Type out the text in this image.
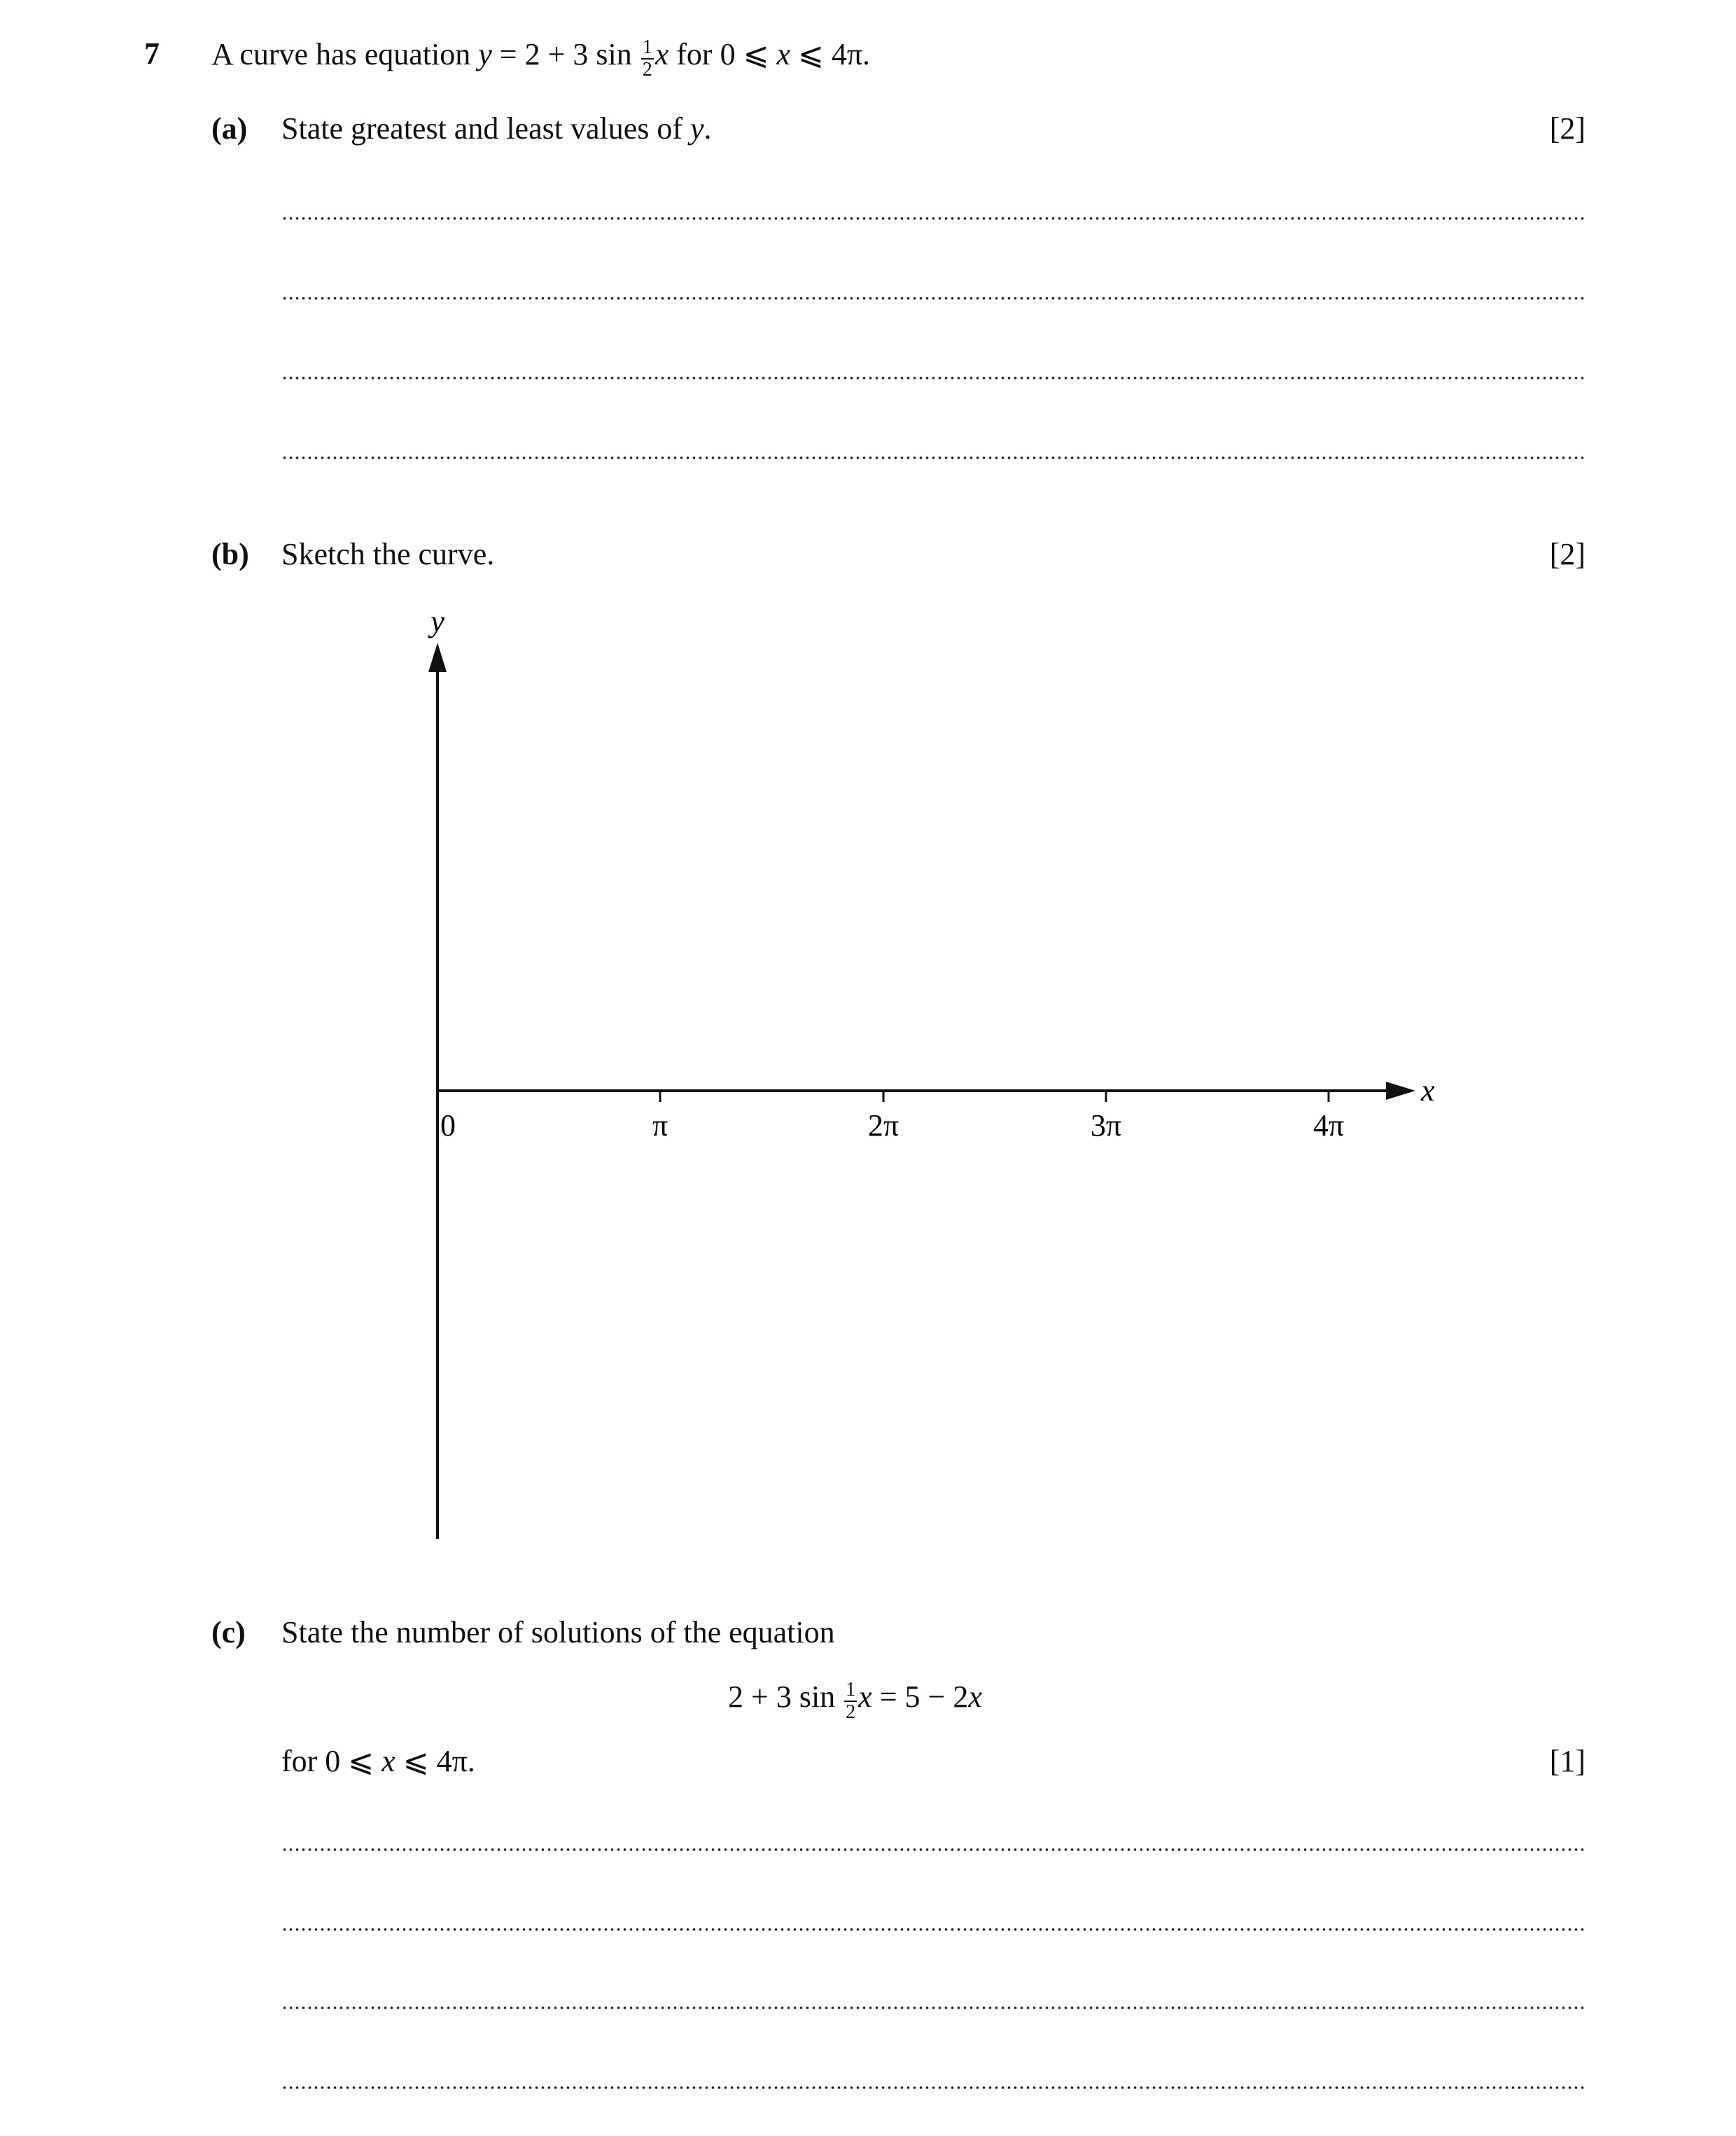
7 A curve has equation y = 2 + 3 $\sin \frac{1}{2}$ x for 0 ⩽ x ⩽ 4π.
(a) State greatest and least values of y.	[2]
(b) Sketch the curve.	[2]
y
x
0	π	2π	3π	4π
(c) State the number of solutions of the equation
2 + 3 $\sin \frac{1}{2}$ x = 5 − 2x
for 0 ⩽ x ⩽ 4π.	[1]
